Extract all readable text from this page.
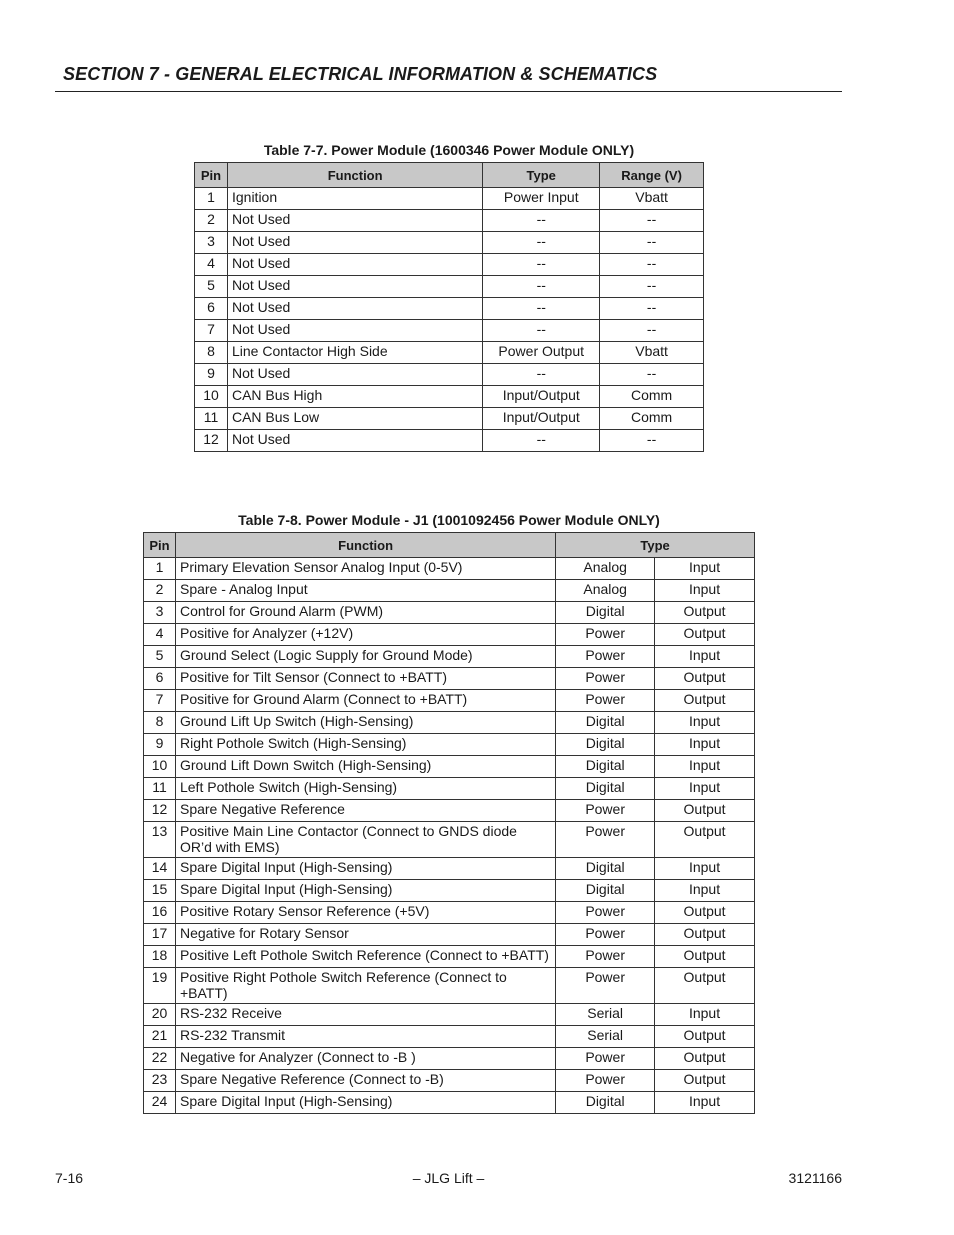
SECTION 7 - GENERAL ELECTRICAL INFORMATION & SCHEMATICS
Table 7-7. Power Module (1600346 Power Module ONLY)
Pin	Function	Type	Range (V)
1	Ignition	Power Input	Vbatt
2	Not Used	--	--
3	Not Used	--	--
4	Not Used	--	--
5	Not Used	--	--
6	Not Used	--	--
7	Not Used	--	--
8	Line Contactor High Side	Power Output	Vbatt
9	Not Used	--	--
10	CAN Bus High	Input/Output	Comm
11	CAN Bus Low	Input/Output	Comm
12	Not Used	--	--
Table 7-8. Power Module - J1 (1001092456 Power Module ONLY)
Pin	Function	Type	
1	Primary Elevation Sensor Analog Input (0-5V)	Analog	Input
2	Spare - Analog Input	Analog	Input
3	Control for Ground Alarm (PWM)	Digital	Output
4	Positive for Analyzer (+12V)	Power	Output
5	Ground Select (Logic Supply for Ground Mode)	Power	Input
6	Positive for Tilt Sensor (Connect to +BATT)	Power	Output
7	Positive for Ground Alarm (Connect to +BATT)	Power	Output
8	Ground Lift Up Switch (High-Sensing)	Digital	Input
9	Right Pothole Switch (High-Sensing)	Digital	Input
10	Ground Lift Down Switch (High-Sensing)	Digital	Input
11	Left Pothole Switch (High-Sensing)	Digital	Input
12	Spare Negative Reference	Power	Output
13	Positive Main Line Contactor (Connect to GNDS diode OR’d with EMS)	Power	Output
14	Spare Digital Input (High-Sensing)	Digital	Input
15	Spare Digital Input (High-Sensing)	Digital	Input
16	Positive Rotary Sensor Reference (+5V)	Power	Output
17	Negative for Rotary Sensor	Power	Output
18	Positive Left Pothole Switch Reference (Connect to +BATT)	Power	Output
19	Positive Right Pothole Switch Reference (Connect to +BATT)	Power	Output
20	RS-232 Receive	Serial	Input
21	RS-232 Transmit	Serial	Output
22	Negative for Analyzer (Connect to -B )	Power	Output
23	Spare Negative Reference (Connect to -B)	Power	Output
24	Spare Digital Input (High-Sensing)	Digital	Input
7-16	– JLG Lift –	3121166
